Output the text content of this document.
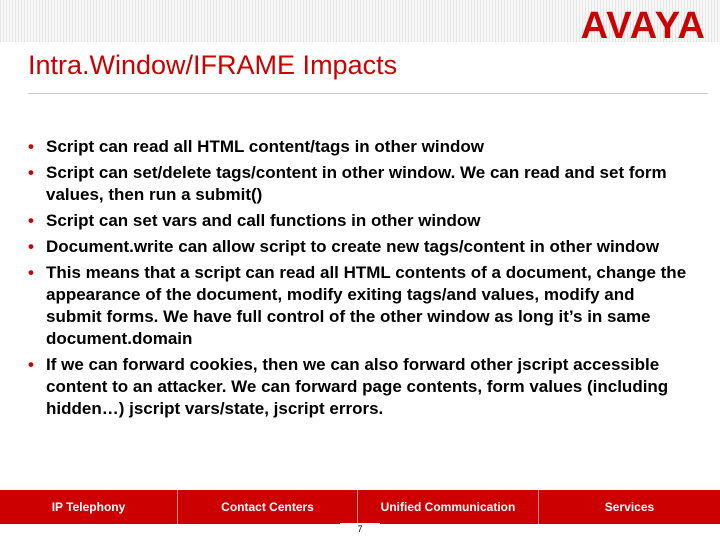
AVAYA
Intra.Window/IFRAME Impacts
• Script can read all HTML content/tags in other window
• Script can set/delete tags/content in other window. We can read and set form values, then run a submit()
• Script can set vars and call functions in other window
• Document.write can allow script to create new tags/content in other window
• This means that a script can read all HTML contents of a document, change the appearance of the document, modify exiting tags/and values, modify and submit forms. We have full control of the other window as long it’s in same document.domain
• If we can forward cookies, then we can also forward other jscript accessible content to an attacker. We can forward page contents, form values (including hidden…) jscript vars/state, jscript errors.
IP Telephony	Contact Centers	Unified Communication	Services
7
